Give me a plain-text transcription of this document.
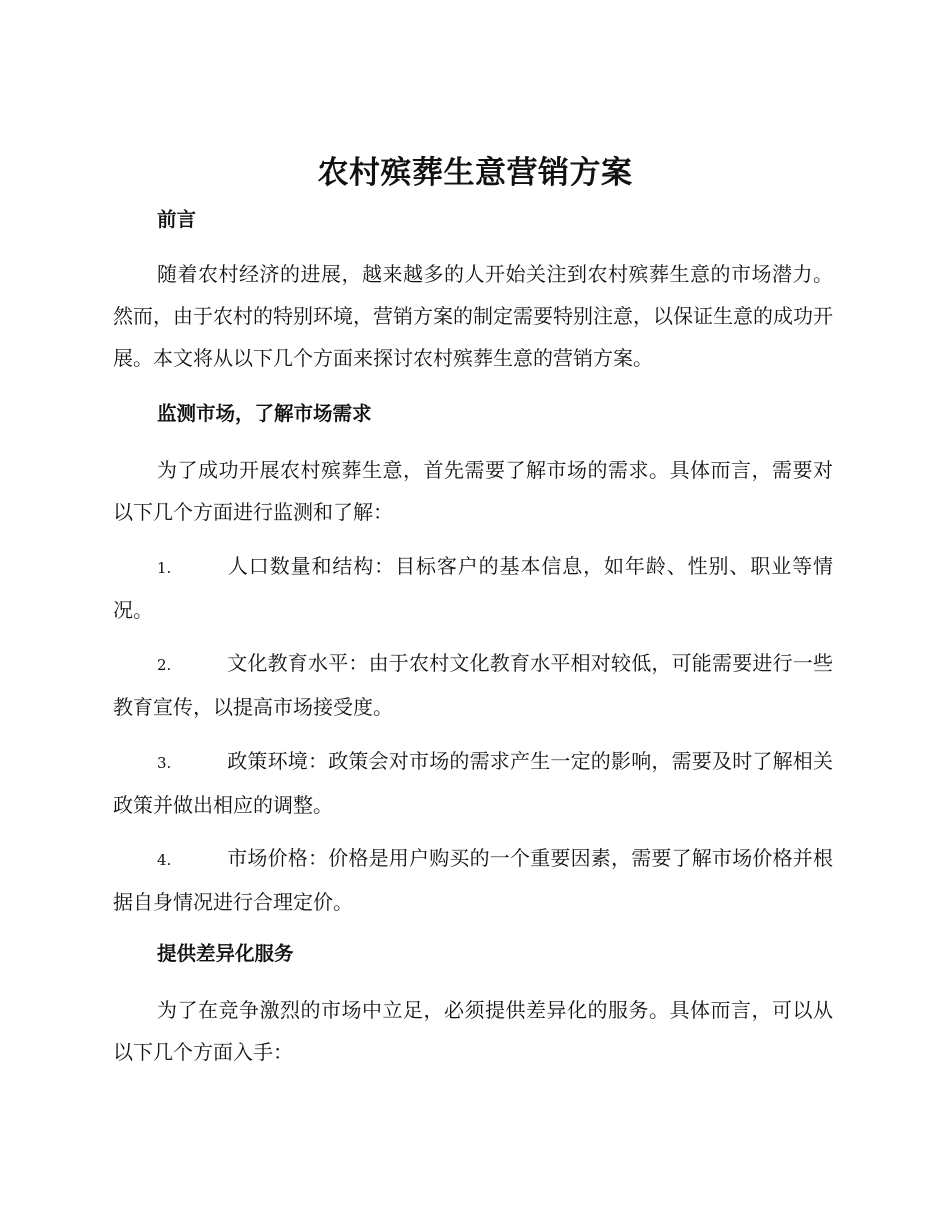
农村殡葬生意营销方案
前言

随着农村经济的进展，越来越多的人开始关注到农村殡葬生意的市场潜力。然而，由于农村的特别环境，营销方案的制定需要特别注意，以保证生意的成功开展。本文将从以下几个方面来探讨农村殡葬生意的营销方案。

监测市场，了解市场需求

为了成功开展农村殡葬生意，首先需要了解市场的需求。具体而言，需要对以下几个方面进行监测和了解：

1.	人口数量和结构：目标客户的基本信息，如年龄、性别、职业等情况。

2.	文化教育水平：由于农村文化教育水平相对较低，可能需要进行一些教育宣传，以提高市场接受度。

3.	政策环境：政策会对市场的需求产生一定的影响，需要及时了解相关政策并做出相应的调整。

4.	市场价格：价格是用户购买的一个重要因素，需要了解市场价格并根据自身情况进行合理定价。

提供差异化服务

为了在竞争激烈的市场中立足，必须提供差异化的服务。具体而言，可以从以下几个方面入手：
